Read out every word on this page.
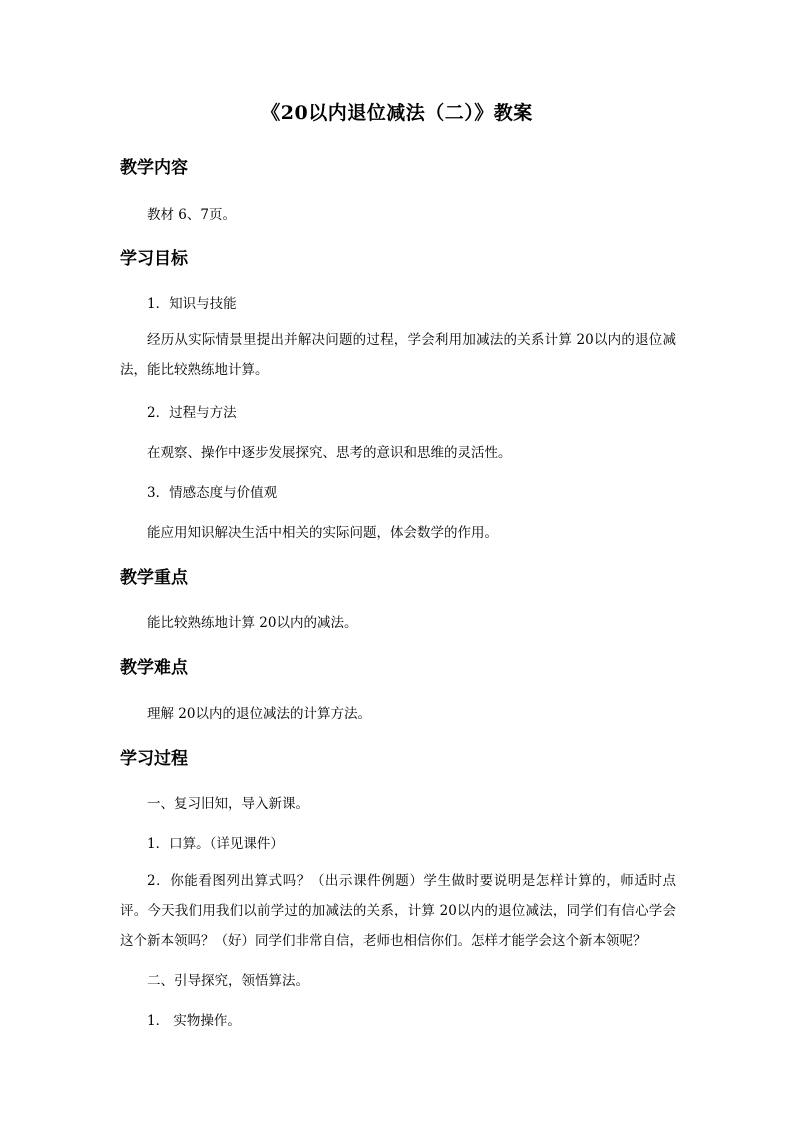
《20以内退位减法（二）》教案
教学内容
教材 6、7页。
学习目标
1．知识与技能
经历从实际情景里提出并解决问题的过程，学会利用加减法的关系计算 20以内的退位减法，能比较熟练地计算。
2．过程与方法
在观察、操作中逐步发展探究、思考的意识和思维的灵活性。
3．情感态度与价值观
能应用知识解决生活中相关的实际问题，体会数学的作用。
教学重点
能比较熟练地计算 20以内的减法。
教学难点
理解 20以内的退位减法的计算方法。
学习过程
一、复习旧知，导入新课。
1．口算。（详见课件）
2．你能看图列出算式吗？（出示课件例题）学生做时要说明是怎样计算的，师适时点评。今天我们用我们以前学过的加减法的关系，计算 20以内的退位减法，同学们有信心学会这个新本领吗？（好）同学们非常自信，老师也相信你们。怎样才能学会这个新本领呢？
二、引导探究，领悟算法。
1． 实物操作。
